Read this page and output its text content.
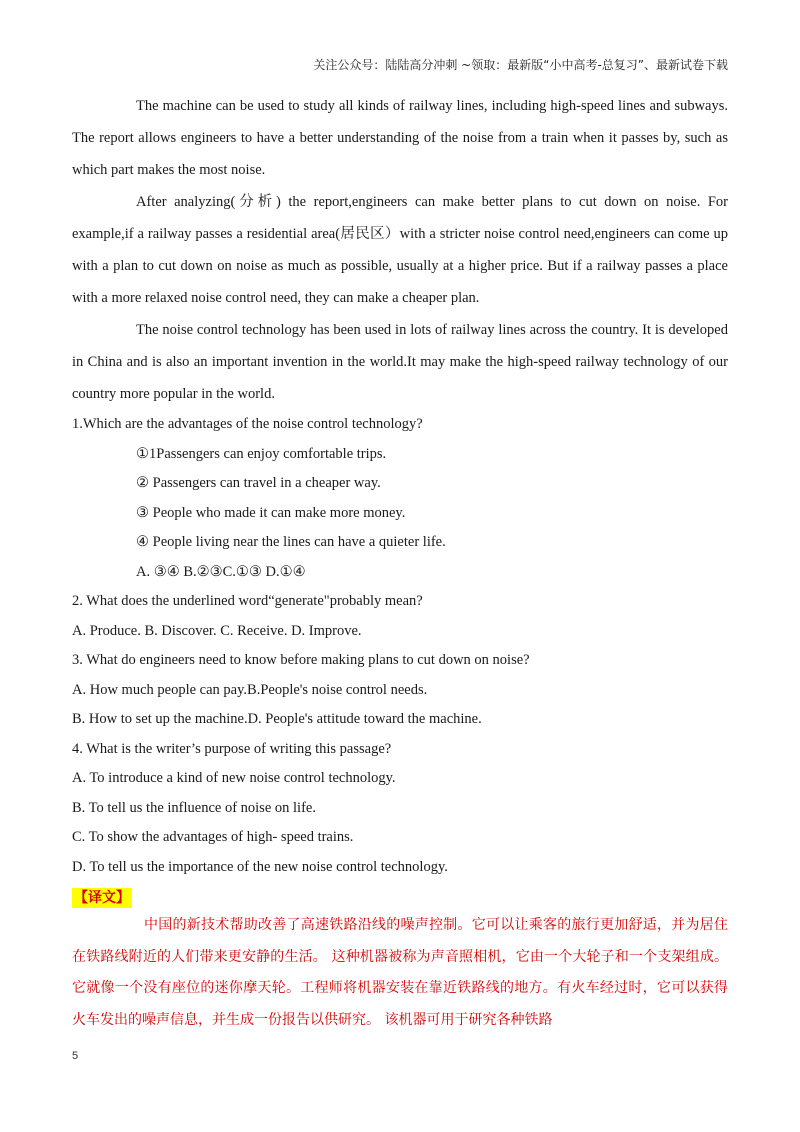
关注公众号：陆陆高分冲刺 ~领取：最新版“小中高考-总复习”、最新试卷下载

The machine can be used to study all kinds of railway lines, including high-speed lines and subways. The report allows engineers to have a better understanding of the noise from a train when it passes by, such as which part makes the most noise.

After analyzing(分析) the report,engineers can make better plans to cut down on noise. For example,if a railway passes a residential area(居民区）with a stricter noise control need,engineers can come up with a plan to cut down on noise as much as possible, usually at a higher price. But if a railway passes a place with a more relaxed noise control need, they can make a cheaper plan.

The noise control technology has been used in lots of railway lines across the country. It is developed in China and is also an important invention in the world.It may make the high-speed railway technology of our country more popular in the world.

1.Which are the advantages of the noise control technology?

①1Passengers can enjoy comfortable trips.

② Passengers can travel in a cheaper way.

③ People who made it can make more money.

④ People living near the lines can have a quieter life.

A. ③④ B.②③C.①③ D.①④

2. What does the underlined word“generate"probably mean?

A. Produce. B. Discover. C. Receive. D. Improve.

3. What do engineers need to know before making plans to cut down on noise?

A. How much people can pay.B.People's noise control needs.

B. How to set up the machine.D. People's attitude toward the machine.

4. What is the writer’s purpose of writing this passage?

A. To introduce a kind of new noise control technology.

B. To tell us the influence of noise on life.

C. To show the advantages of high- speed trains.

D. To tell us the importance of the new noise control technology.

【译文】

中国的新技术帮助改善了高速铁路沿线的噪声控制。它可以让乘客的旅行更加舒适，并为居住在铁路线附近的人们带来更安静的生活。 这种机器被称为声音照相机，它由一个大轮子和一个支架组成。它就像一个没有座位的迷你摩天轮。工程师将机器安装在靠近铁路线的地方。有火车经过时，它可以获得火车发出的噪声信息，并生成一份报告以供研究。 该机器可用于研究各种铁路

5
